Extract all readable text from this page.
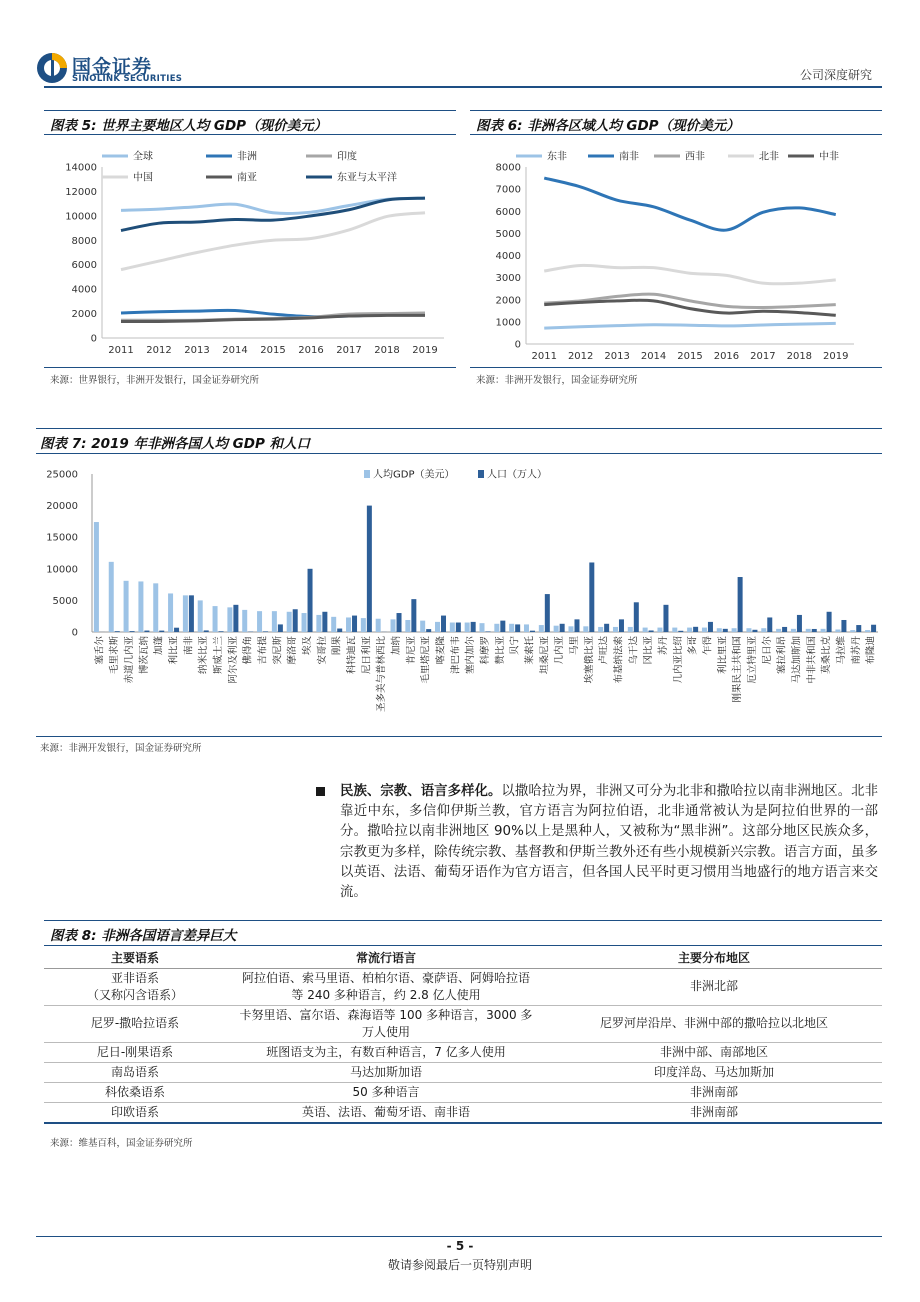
国金证券
SINOLINK SECURITIES	公司深度研究
图表 5: 世界主要地区人均 GDP（现价美元）
0
2000
4000
6000
8000
10000
12000
14000
2011 2012 2013 2014 2015 2016 2017 2018 2019
全球	非洲	印度
中国	南亚	东亚与太平洋
来源：世界银行，非洲开发银行，国金证券研究所
图表 6: 非洲各区域人均 GDP（现价美元）
0
1000
2000
3000
4000
5000
6000
7000
8000
2011 2012 2013 2014 2015 2016 2017 2018 2019
东非	南非	西非	北非	中非
来源：非洲开发银行，国金证券研究所
图表 7: 2019 年非洲各国人均 GDP 和人口
0
5000
10000
15000
20000
25000
塞舌尔 毛里求斯 赤道几内亚 博茨瓦纳 加蓬 利比亚 南非 纳米比亚 斯威士兰 阿尔及利亚 佛得角 吉布提 突尼斯 摩洛哥 埃及 安哥拉 刚果 科特迪瓦 尼日利亚 圣多美与普林西比 加纳 肯尼亚 毛里塔尼亚 喀麦隆 津巴布韦 塞内加尔 科摩罗 赞比亚 贝宁 莱索托 坦桑尼亚 几内亚 马里 埃塞俄比亚 卢旺达 布基纳法索 乌干达 冈比亚 苏丹 几内亚比绍 多哥 乍得 利比里亚 刚果民主共和国 厄立特里亚 尼日尔 塞拉利昂 马达加斯加 中非共和国 莫桑比克 马拉维 南苏丹 布隆迪
人均GDP（美元）	人口（万人）
来源：非洲开发银行，国金证券研究所
民族、宗教、语言多样化。以撒哈拉为界，非洲又可分为北非和撒哈拉以南非洲地区。北非靠近中东，多信仰伊斯兰教，官方语言为阿拉伯语，北非通常被认为是阿拉伯世界的一部分。撒哈拉以南非洲地区 90%以上是黑种人，又被称为“黑非洲”。这部分地区民族众多，宗教更为多样，除传统宗教、基督教和伊斯兰教外还有些小规模新兴宗教。语言方面，虽多以英语、法语、葡萄牙语作为官方语言，但各国人民平时更习惯用当地盛行的地方语言来交流。
图表 8: 非洲各国语言差异巨大
主要语系	常流行语言	主要分布地区
亚非语系
（又称闪含语系）	阿拉伯语、索马里语、柏柏尔语、豪萨语、阿姆哈拉语
等 240 多种语言，约 2.8 亿人使用	非洲北部
尼罗-撒哈拉语系	卡努里语、富尔语、森海语等 100 多种语言，3000 多
万人使用	尼罗河岸沿岸、非洲中部的撒哈拉以北地区
尼日-刚果语系	班图语支为主，有数百种语言，7 亿多人使用	非洲中部、南部地区
南岛语系	马达加斯加语	印度洋岛、马达加斯加
科依桑语系	50 多种语言	非洲南部
印欧语系	英语、法语、葡萄牙语、南非语	非洲南部
来源：维基百科，国金证券研究所
- 5 -
敬请参阅最后一页特别声明
